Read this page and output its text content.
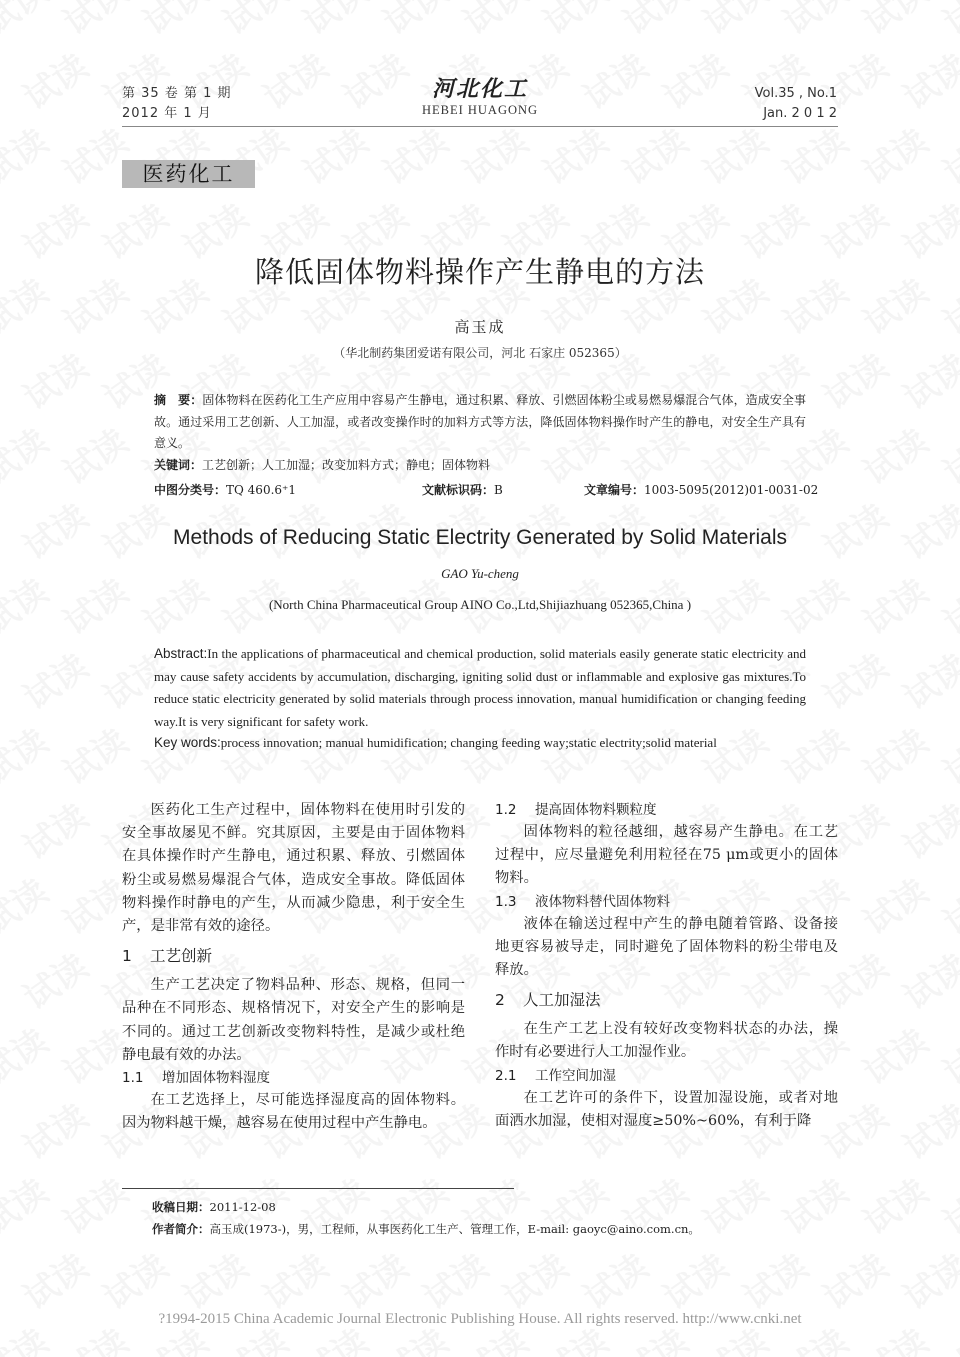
第 35 卷 第 1 期
2012 年 1 月
河北化工
HEBEI HUAGONG
Vol.35 , No.1
Jan. 2 0 1 2
医药化工
降低固体物料操作产生静电的方法
高玉成
（华北制药集团爱诺有限公司，河北 石家庄 052365）
摘　要：固体物料在医药化工生产应用中容易产生静电，通过积累、释放、引燃固体粉尘或易燃易爆混合气体，造成安全事故。通过采用工艺创新、人工加湿，或者改变操作时的加料方式等方法，降低固体物料操作时产生的静电，对安全生产具有意义。
关键词：工艺创新；人工加湿；改变加料方式；静电；固体物料
中图分类号：TQ 460.6⁺1	文献标识码：B	文章编号：1003-5095(2012)01-0031-02
Methods of Reducing Static Electrity Generated by Solid Materials
GAO Yu-cheng
(North China Pharmaceutical Group AINO Co.,Ltd,Shijiazhuang 052365,China )
Abstract:In the applications of pharmaceutical and chemical production, solid materials easily generate static electricity and may cause safety accidents by accumulation, discharging, igniting solid dust or inflammable and explosive gas mixtures.To reduce static electricity generated by solid materials through process innovation, manual humidification or changing feeding way.It is very significant for safety work.
Key words:process innovation; manual humidification; changing feeding way;static electrity;solid material

医药化工生产过程中，固体物料在使用时引发的安全事故屡见不鲜。究其原因，主要是由于固体物料在具体操作时产生静电，通过积累、释放、引燃固体粉尘或易燃易爆混合气体，造成安全事故。降低固体物料操作时静电的产生，从而减少隐患，利于安全生产，是非常有效的途径。

1 工艺创新

生产工艺决定了物料品种、形态、规格，但同一品种在不同形态、规格情况下，对安全产生的影响是不同的。通过工艺创新改变物料特性，是减少或杜绝静电最有效的办法。

1.1 增加固体物料湿度

在工艺选择上，尽可能选择湿度高的固体物料。因为物料越干燥，越容易在使用过程中产生静电。

1.2 提高固体物料颗粒度

固体物料的粒径越细，越容易产生静电。在工艺过程中，应尽量避免利用粒径在75 μm或更小的固体物料。

1.3 液体物料替代固体物料

液体在输送过程中产生的静电随着管路、设备接地更容易被导走，同时避免了固体物料的粉尘带电及释放。

2 人工加湿法

在生产工艺上没有较好改变物料状态的办法，操作时有必要进行人工加湿作业。

2.1 工作空间加湿

在工艺许可的条件下，设置加湿设施，或者对地面洒水加湿，使相对湿度≥50%~60%，有利于降

收稿日期：2011-12-08
作者简介：高玉成(1973-)，男，工程师，从事医药化工生产、管理工作，E-mail: gaoyc@aino.com.cn。
?1994-2015 China Academic Journal Electronic Publishing House. All rights reserved. http://www.cnki.net
